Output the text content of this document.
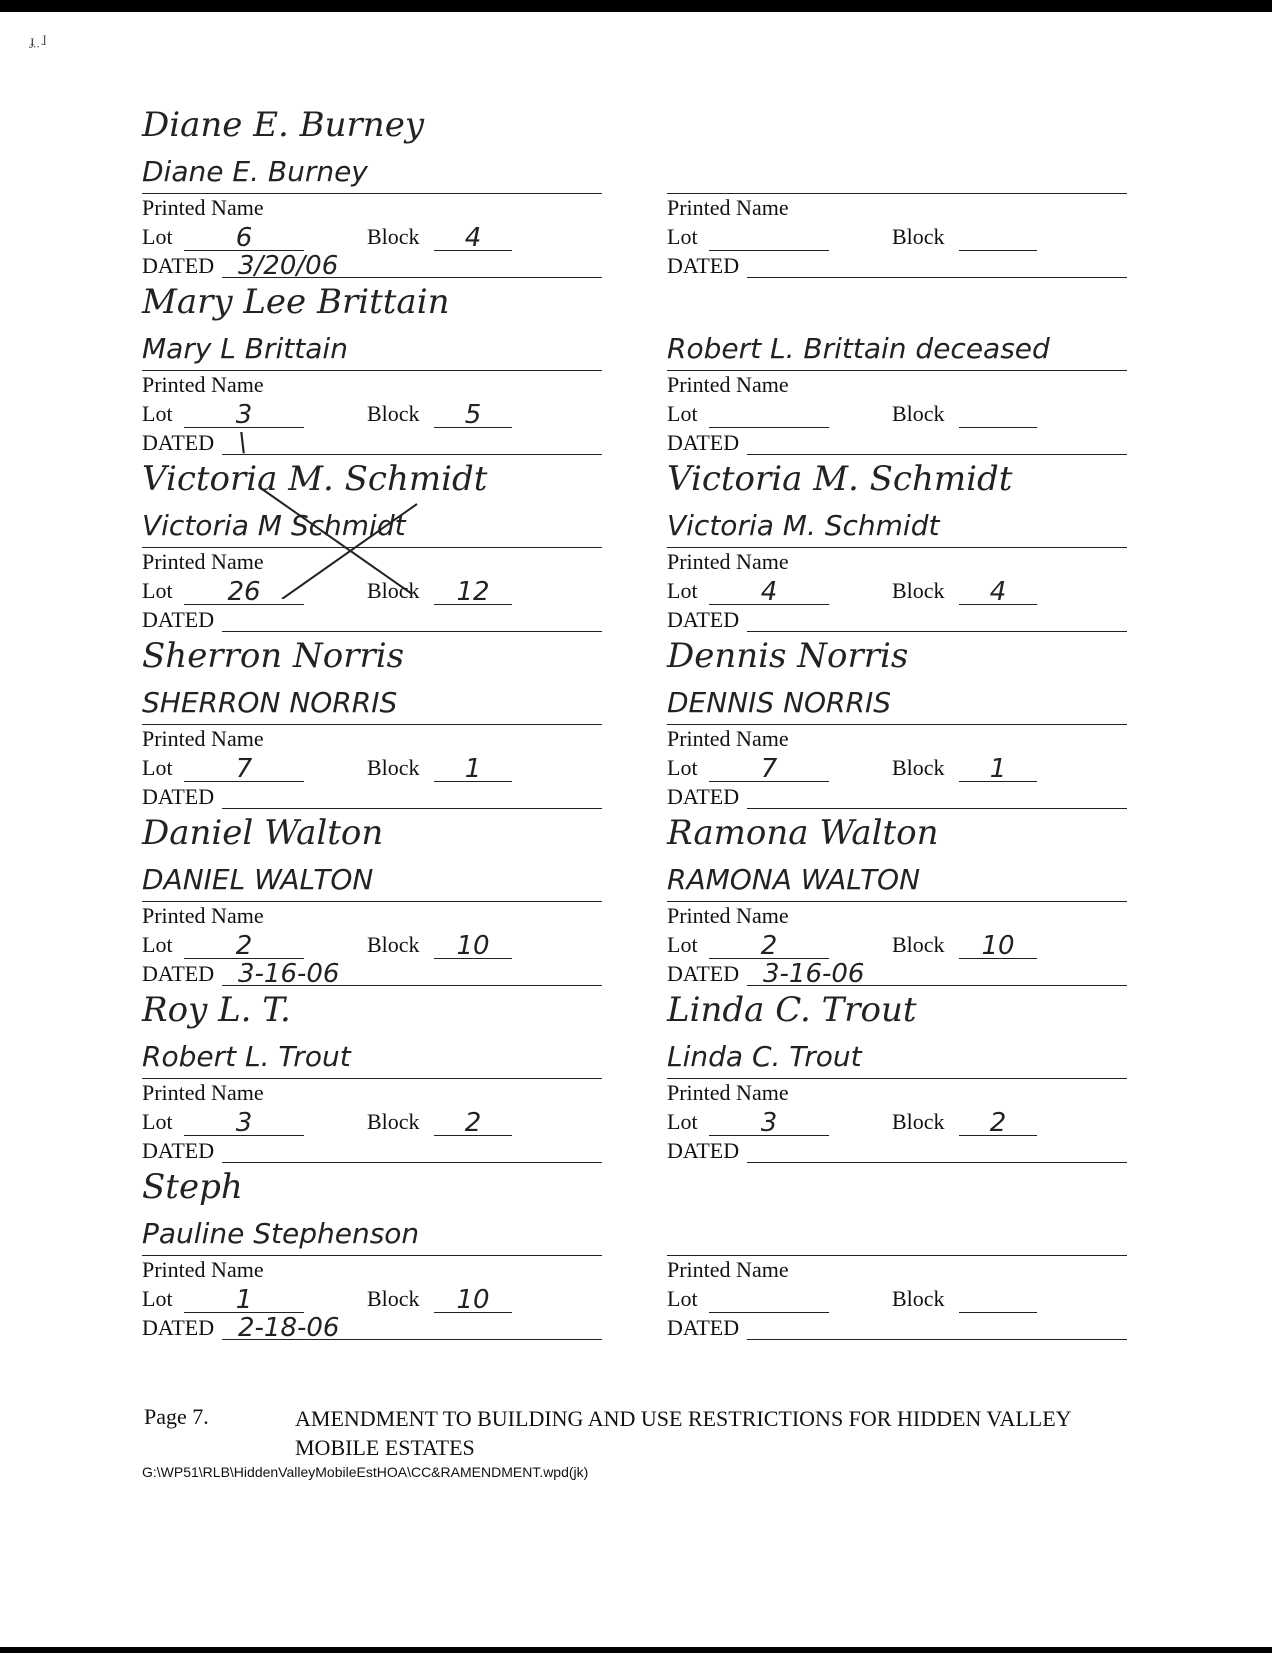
ɟ̣ ̣ ɺ
Diane E. Burney
Diane E. Burney
Printed Name
Lot	6	Block	4
DATED 3/20/06
Printed Name
Lot	Block
DATED
Mary Lee Brittain
Mary L Brittain
Printed Name
Lot	3	Block	5
DATED \
Robert L. Brittain deceased
Printed Name
Lot	Block
DATED
Victoria M. Schmidt
Victoria M Schmidt
Printed Name
Lot	26	Block	12
DATED
Victoria M. Schmidt
Victoria M. Schmidt
Printed Name
Lot	4	Block	4
DATED
Sherron Norris
SHERRON NORRIS
Printed Name
Lot	7	Block	1
DATED
Dennis Norris
DENNIS NORRIS
Printed Name
Lot	7	Block	1
DATED
Daniel Walton
DANIEL WALTON
Printed Name
Lot	2	Block	10
DATED 3-16-06
Ramona Walton
RAMONA WALTON
Printed Name
Lot	2	Block	10
DATED 3-16-06
Roy L. T.
Robert L. Trout
Printed Name
Lot	3	Block	2
DATED
Linda C. Trout
Linda C. Trout
Printed Name
Lot	3	Block	2
DATED
Steph
Pauline Stephenson
Printed Name
Lot	1	Block	10
DATED 2-18-06
Printed Name
Lot	Block
DATED
Page 7.	AMENDMENT TO BUILDING AND USE RESTRICTIONS FOR HIDDEN VALLEY MOBILE ESTATES
G:\WP51\RLB\HiddenValleyMobileEstHOA\CC&RAMENDMENT.wpd(jk)
